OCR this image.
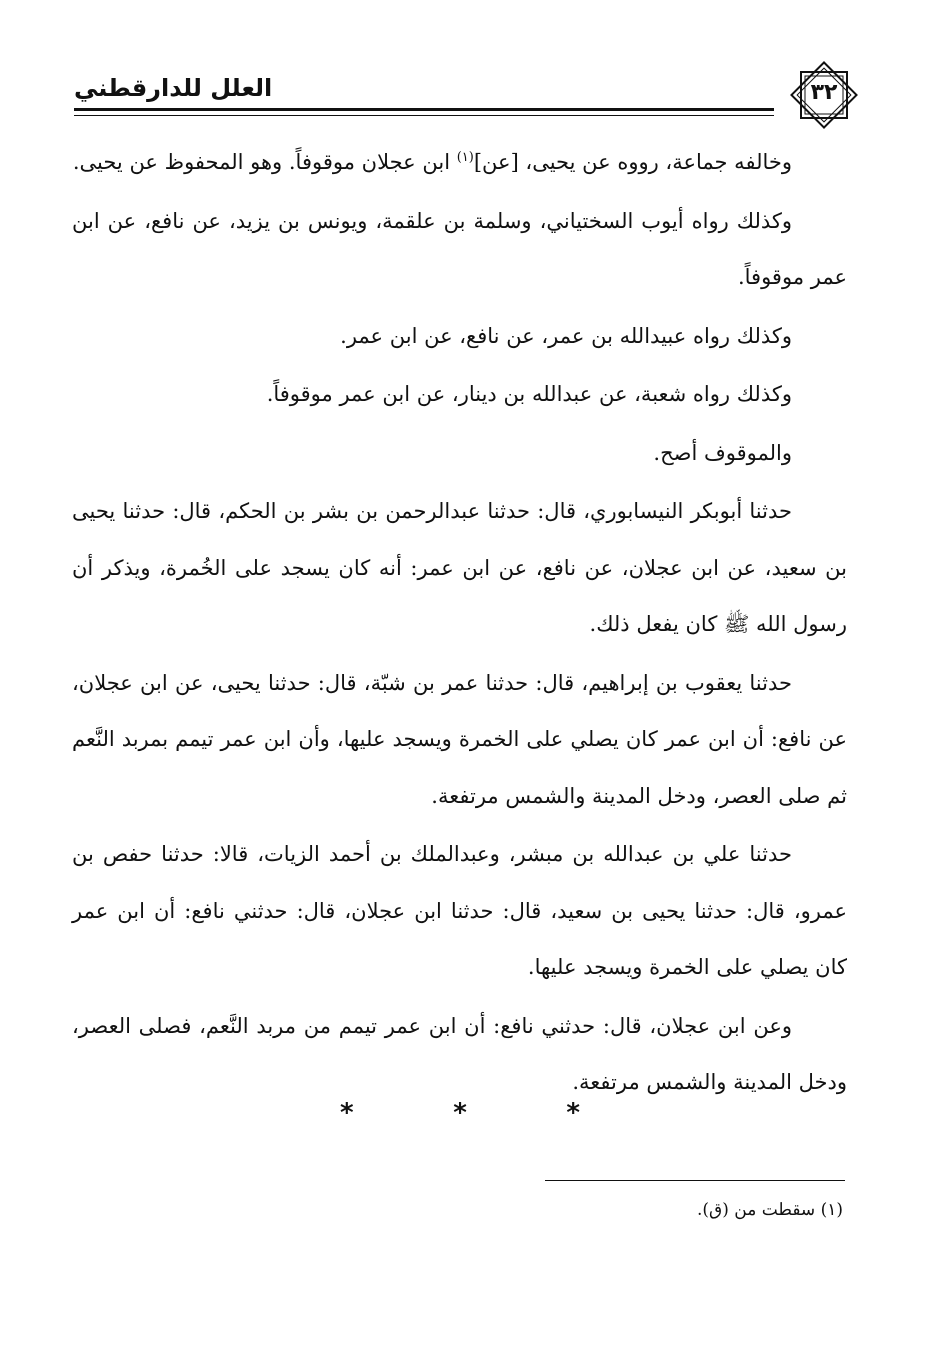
العلل للدارقطني	٣٢

وخالفه جماعة، رووه عن يحيى، [عن]$^{(١)}$ ابن عجلان موقوفاً. وهو المحفوظ عن يحيى.

وكذلك رواه أيوب السختياني، وسلمة بن علقمة، ويونس بن يزيد، عن نافع، عن ابن عمر موقوفاً.

وكذلك رواه عبيدالله بن عمر، عن نافع، عن ابن عمر.

وكذلك رواه شعبة، عن عبدالله بن دينار، عن ابن عمر موقوفاً.

والموقوف أصح.

حدثنا أبوبكر النيسابوري، قال: حدثنا عبدالرحمن بن بشر بن الحكم، قال: حدثنا يحيى بن سعيد، عن ابن عجلان، عن نافع، عن ابن عمر: أنه كان يسجد على الخُمرة، ويذكر أن رسول الله ﷺ كان يفعل ذلك.

حدثنا يعقوب بن إبراهيم، قال: حدثنا عمر بن شبّة، قال: حدثنا يحيى، عن ابن عجلان، عن نافع: أن ابن عمر كان يصلي على الخمرة ويسجد عليها، وأن ابن عمر تيمم بمربد النَّعم ثم صلى العصر، ودخل المدينة والشمس مرتفعة.

حدثنا علي بن عبدالله بن مبشر، وعبدالملك بن أحمد الزيات، قالا: حدثنا حفص بن عمرو، قال: حدثنا يحيى بن سعيد، قال: حدثنا ابن عجلان، قال: حدثني نافع: أن ابن عمر كان يصلي على الخمرة ويسجد عليها.

وعن ابن عجلان، قال: حدثني نافع: أن ابن عمر تيمم من مربد النَّعم، فصلى العصر، ودخل المدينة والشمس مرتفعة.

*	*	*
(١) سقطت من (ق).
